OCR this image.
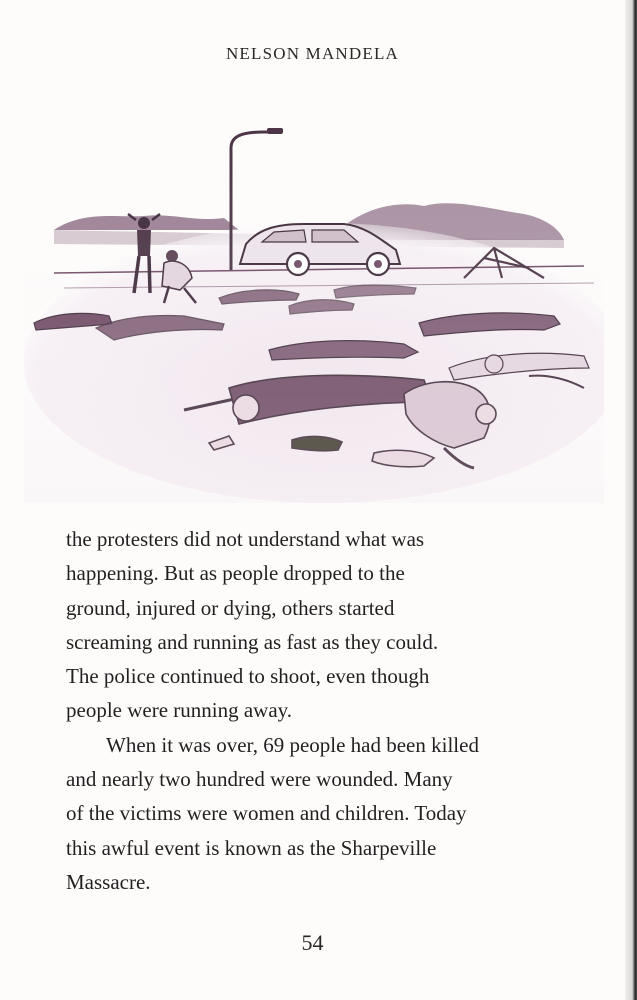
NELSON MANDELA

the protesters did not understand what was
happening. But as people dropped to the
ground, injured or dying, others started
screaming and running as fast as they could.
The police continued to shoot, even though
people were running away.

When it was over, 69 people had been killed
and nearly two hundred were wounded. Many
of the victims were women and children. Today
this awful event is known as the Sharpeville
Massacre.

54
